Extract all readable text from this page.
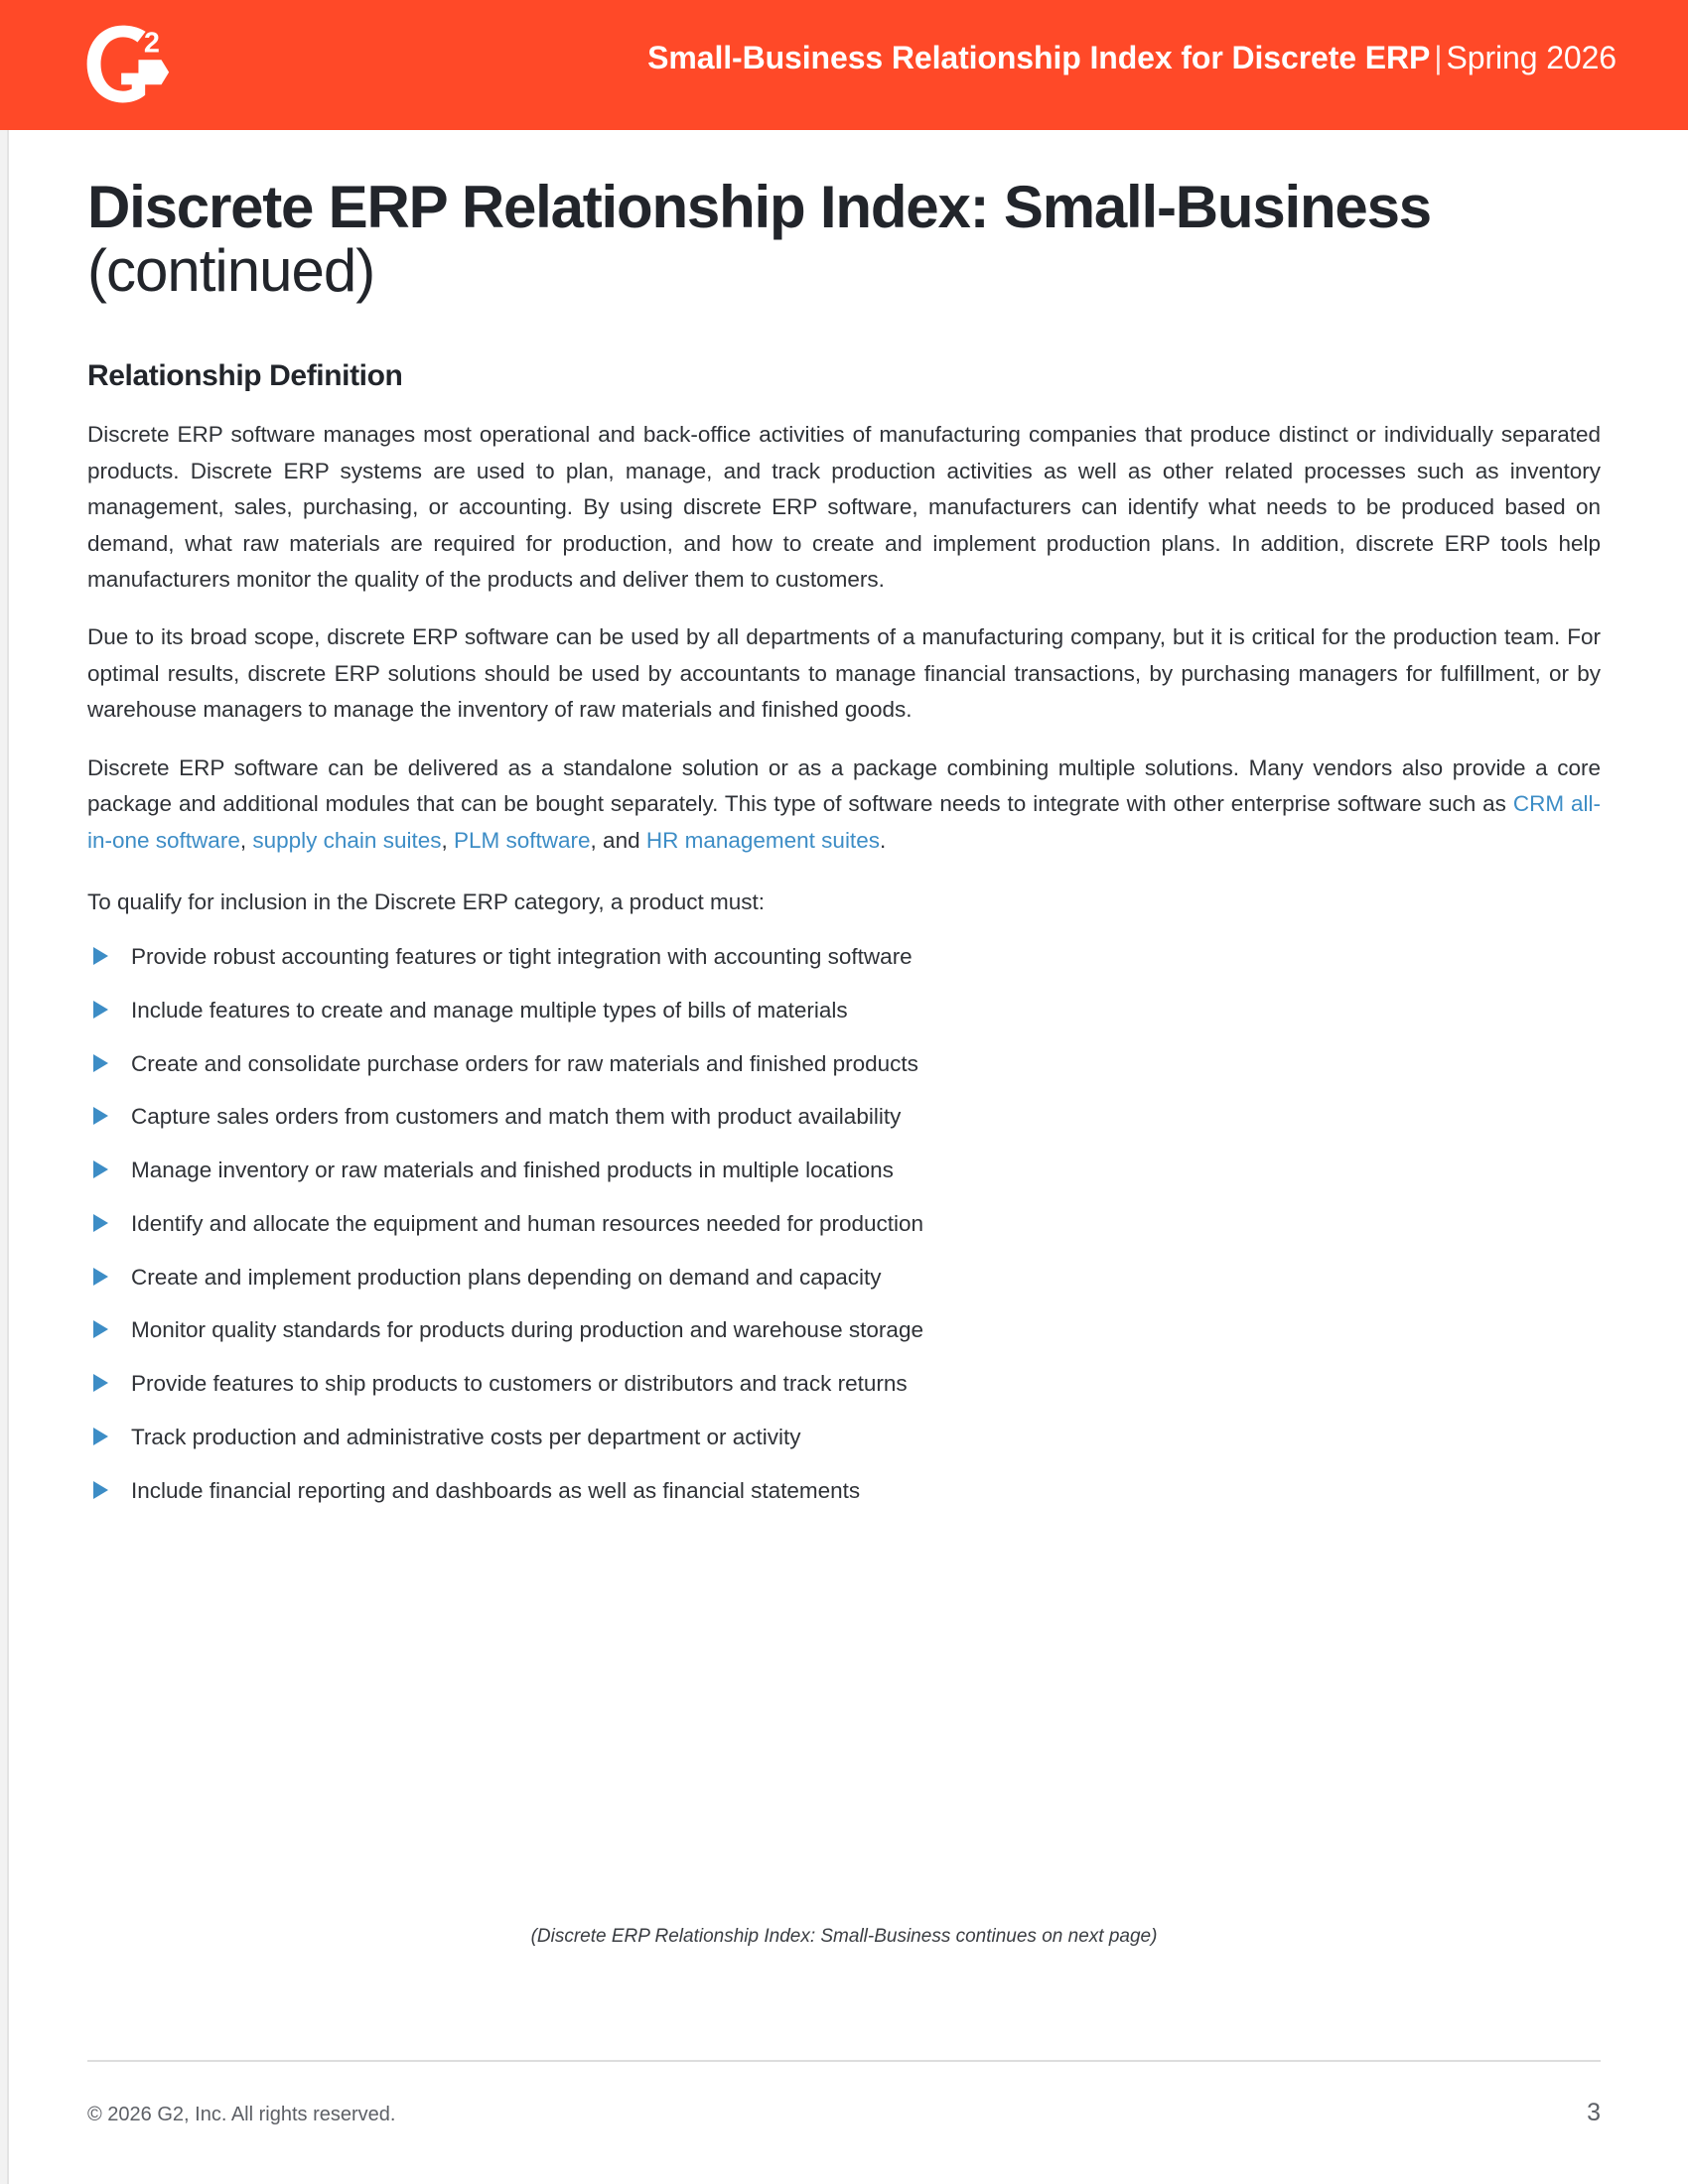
2	Small-Business Relationship Index for Discrete ERP | Spring 2026
Discrete ERP Relationship Index: Small-Business
(continued)
Relationship Definition

Discrete ERP software manages most operational and back-office activities of manufacturing companies that produce distinct or individually separated products. Discrete ERP systems are used to plan, manage, and track production activities as well as other related processes such as inventory management, sales, purchasing, or accounting. By using discrete ERP software, manufacturers can identify what needs to be produced based on demand, what raw materials are required for production, and how to create and implement production plans. In addition, discrete ERP tools help manufacturers monitor the quality of the products and deliver them to customers.

Due to its broad scope, discrete ERP software can be used by all departments of a manufacturing company, but it is critical for the production team. For optimal results, discrete ERP solutions should be used by accountants to manage financial transactions, by purchasing managers for fulfillment, or by warehouse managers to manage the inventory of raw materials and finished goods.

Discrete ERP software can be delivered as a standalone solution or as a package combining multiple solutions. Many vendors also provide a core package and additional modules that can be bought separately. This type of software needs to integrate with other enterprise software such as CRM all-in-one software, supply chain suites, PLM software, and HR management suites.

To qualify for inclusion in the Discrete ERP category, a product must:

Provide robust accounting features or tight integration with accounting software
Include features to create and manage multiple types of bills of materials
Create and consolidate purchase orders for raw materials and finished products
Capture sales orders from customers and match them with product availability
Manage inventory or raw materials and finished products in multiple locations
Identify and allocate the equipment and human resources needed for production
Create and implement production plans depending on demand and capacity
Monitor quality standards for products during production and warehouse storage
Provide features to ship products to customers or distributors and track returns
Track production and administrative costs per department or activity
Include financial reporting and dashboards as well as financial statements
(Discrete ERP Relationship Index: Small-Business continues on next page)
© 2026 G2, Inc. All rights reserved.	3
